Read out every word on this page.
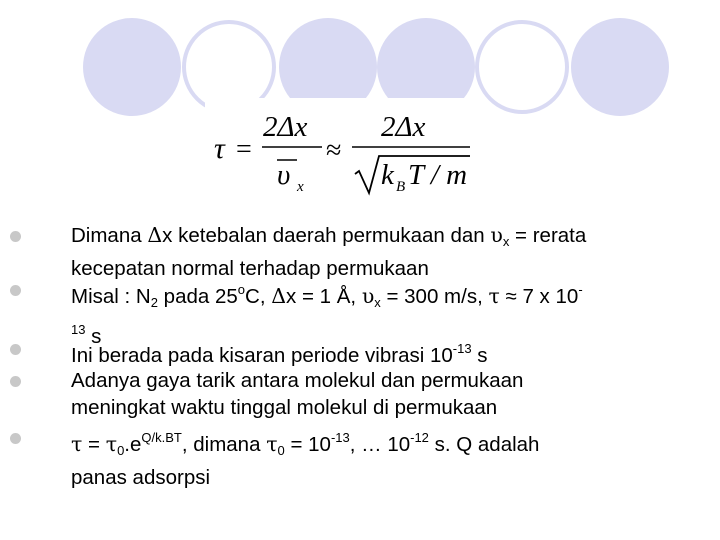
τ =
2Δx
υ x
≈
2Δx
k B T / m
Dimana Δx ketebalan daerah permukaan dan υx = rerata
kecepatan normal terhadap permukaan
Misal : N2 pada 25$^o$C, Δx = 1 Å, υx = 300 m/s, τ ≈ 7 x 10-
$^{13}$ s
Ini berada pada kisaran periode vibrasi $10^{-13}$ s
Adanya gaya tarik antara molekul dan permukaan
meningkat waktu tinggal molekul di permukaan
$\tau = \tau 0.e^{Q/k.BT}$, dimana $\tau 0 = 10^{-13}$, … $10^{-12}$ s. Q adalah
panas adsorpsi
